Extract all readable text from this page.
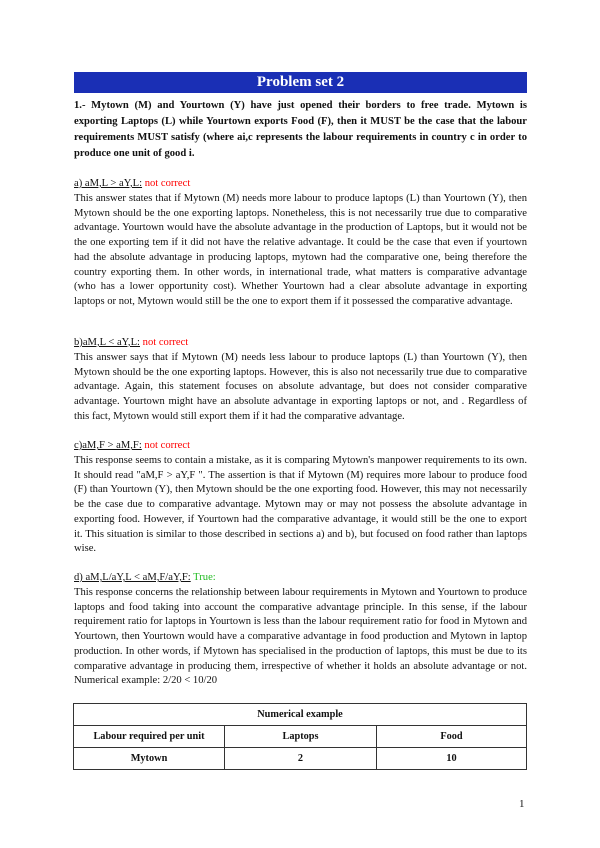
Problem set 2
1.- Mytown (M) and Yourtown (Y) have just opened their borders to free trade. Mytown is exporting Laptops (L) while Yourtown exports Food (F), then it MUST be the case that the labour requirements MUST satisfy (where ai,c represents the labour requirements in country c in order to produce one unit of good i.
a) aM,L > aY,L: not correct
This answer states that if Mytown (M) needs more labour to produce laptops (L) than Yourtown (Y), then Mytown should be the one exporting laptops. Nonetheless, this is not necessarily true due to comparative advantage. Yourtown would have the absolute advantage in the production of Laptops, but it would not be the one exporting tem if it did not have the relative advantage. It could be the case that even if yourtown had the absolute advantage in producing laptops, mytown had the comparative one, being therefore the country exporting them. In other words, in international trade, what matters is comparative advantage (who has a lower opportunity cost). Whether Yourtown had a clear absolute advantage in exporting laptops or not, Mytown would still be the one to export them if it possessed the comparative advantage.
b)aM,L < aY,L: not correct
This answer says that if Mytown (M) needs less labour to produce laptops (L) than Yourtown (Y), then Mytown should be the one exporting laptops. However, this is also not necessarily true due to comparative advantage. Again, this statement focuses on absolute advantage, but does not consider comparative advantage. Yourtown might have an absolute advantage in exporting laptops or not, and . Regardless of this fact, Mytown would still export them if it had the comparative advantage.
c)aM,F > aM,F: not correct
This response seems to contain a mistake, as it is comparing Mytown's manpower requirements to its own. It should read "aM,F > aY,F ". The assertion is that if Mytown (M) requires more labour to produce food (F) than Yourtown (Y), then Mytown should be the one exporting food. However, this may not necessarily be the case due to comparative advantage. Mytown may or may not possess the absolute advantage in exporting food. However, if Yourtown had the comparative advantage, it would still be the one to export it. This situation is similar to those described in sections a) and b), but focused on food rather than laptops wise.
d) aM,L/aY,L < aM,F/aY,F: True:
This response concerns the relationship between labour requirements in Mytown and Yourtown to produce laptops and food taking into account the comparative advantage principle. In this sense, if the labour requirement ratio for laptops in Yourtown is less than the labour requirement ratio for food in Mytown and Yourtown, then Yourtown would have a comparative advantage in food production and Mytown in laptop production. In other words, if Mytown has specialised in the production of laptops, this must be due to its comparative advantage in producing them, irrespective of whether it holds an absolute advantage or not. Numerical example: 2/20 < 10/20
Numerical example		
Labour required per unit	Laptops	Food
Mytown	2	10
1
